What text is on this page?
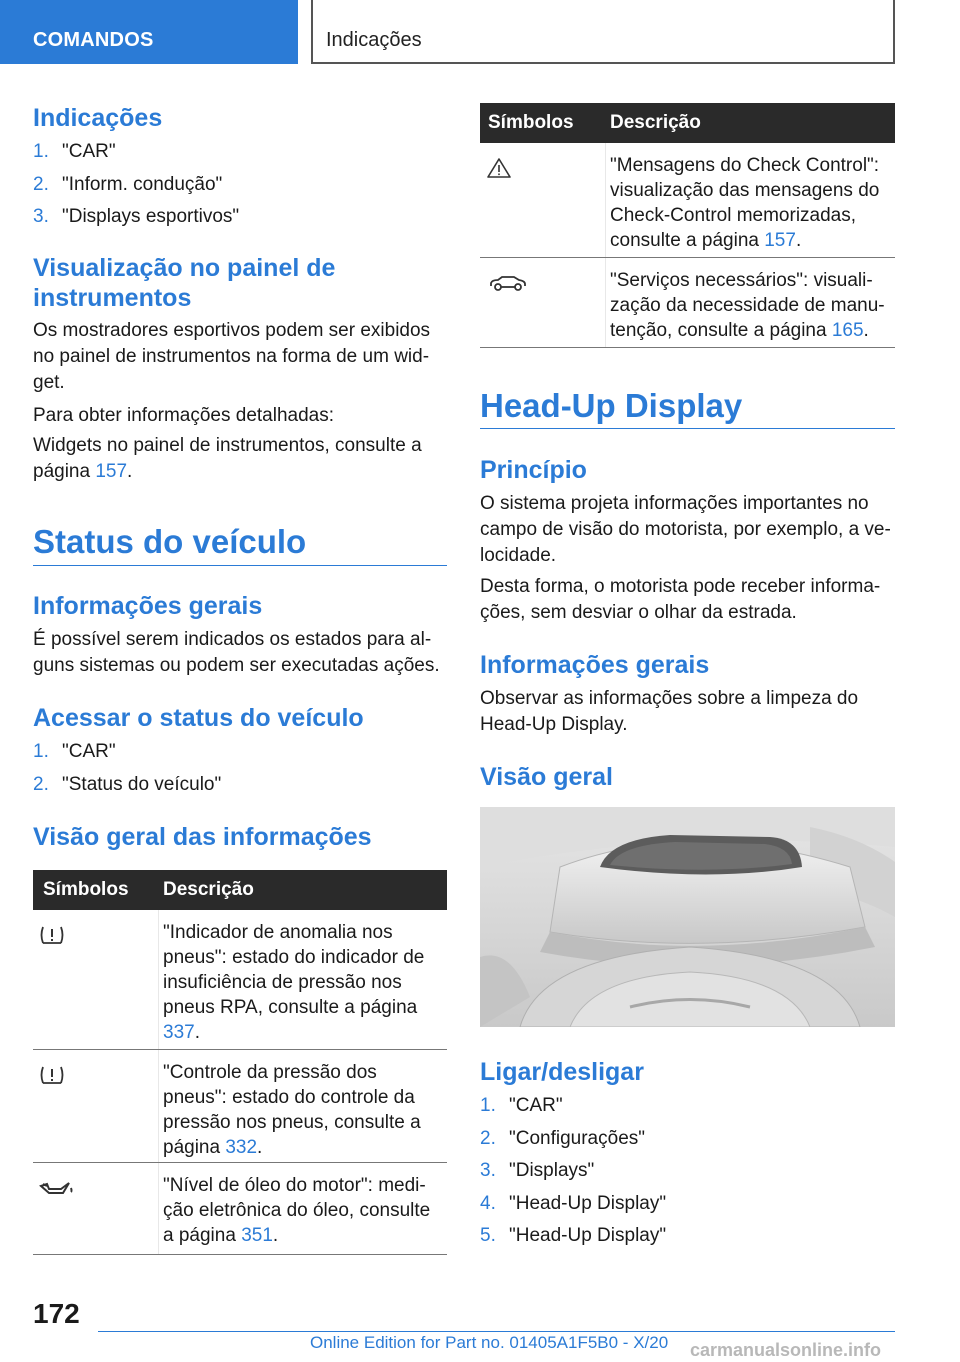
COMANDOS	Indicações
Indicações
1. "CAR"
2. "Inform. condução"
3. "Displays esportivos"
Visualização no painel de
instrumentos
Os mostradores esportivos podem ser exibidos
no painel de instrumentos na forma de um wid-
get.
Para obter informações detalhadas:
Widgets no painel de instrumentos, consulte a
página 157.
Status do veículo
Informações gerais
É possível serem indicados os estados para al-
guns sistemas ou podem ser executadas ações.
Acessar o status do veículo
1. "CAR"
2. "Status do veículo"
Visão geral das informações
Símbolos Descrição
"Indicador de anomalia nos
pneus": estado do indicador de
insuficiência de pressão nos
pneus RPA, consulte a página
337.
"Controle da pressão dos
pneus": estado do controle da
pressão nos pneus, consulte a
página 332.
"Nível de óleo do motor": medi-
ção eletrônica do óleo, consulte
a página 351.
Símbolos Descrição
"Mensagens do Check Control":
visualização das mensagens do
Check-Control memorizadas,
consulte a página 157.
"Serviços necessários": visuali-
zação da necessidade de manu-
tenção, consulte a página 165.
Head-Up Display
Princípio
O sistema projeta informações importantes no
campo de visão do motorista, por exemplo, a ve-
locidade.
Desta forma, o motorista pode receber informa-
ções, sem desviar o olhar da estrada.
Informações gerais
Observar as informações sobre a limpeza do
Head-Up Display.
Visão geral
Ligar/desligar
1. "CAR"
2. "Configurações"
3. "Displays"
4. "Head-Up Display"
5. "Head-Up Display"
172
Online Edition for Part no. 01405A1F5B0 - X/20 carmanualsonline.info
